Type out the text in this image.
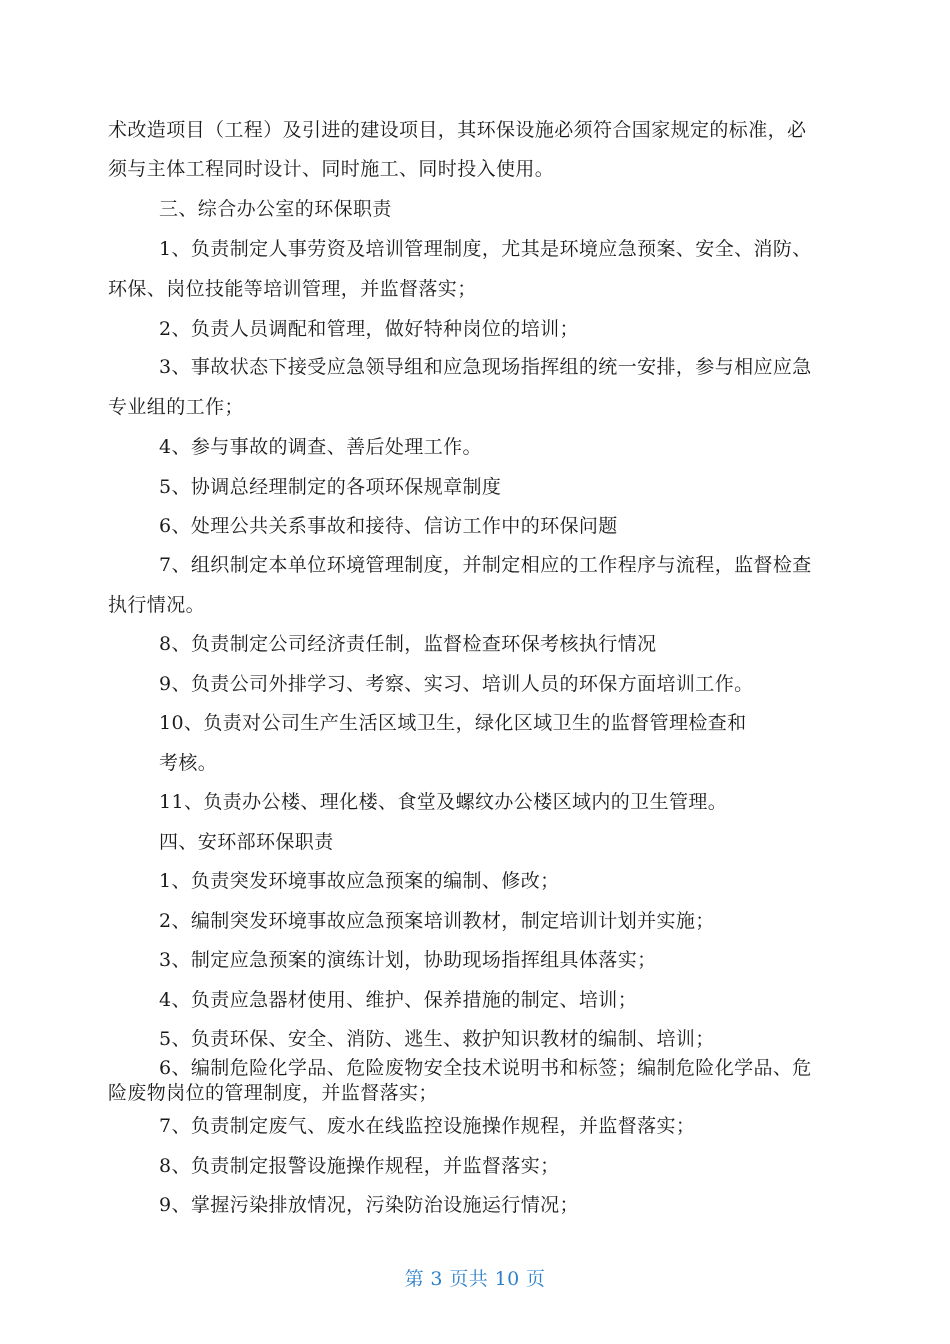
术改造项目（工程）及引进的建设项目，其环保设施必须符合国家规定的标准，必
须与主体工程同时设计、同时施工、同时投入使用。
三、综合办公室的环保职责
1、负责制定人事劳资及培训管理制度，尤其是环境应急预案、安全、消防、
环保、岗位技能等培训管理，并监督落实；
2、负责人员调配和管理，做好特种岗位的培训；
3、事故状态下接受应急领导组和应急现场指挥组的统一安排，参与相应应急
专业组的工作；
4、参与事故的调查、善后处理工作。
5、协调总经理制定的各项环保规章制度
6、处理公共关系事故和接待、信访工作中的环保问题
7、组织制定本单位环境管理制度，并制定相应的工作程序与流程，监督检查
执行情况。
8、负责制定公司经济责任制，监督检查环保考核执行情况
9、负责公司外排学习、考察、实习、培训人员的环保方面培训工作。
10、负责对公司生产生活区域卫生，绿化区域卫生的监督管理检查和
考核。
11、负责办公楼、理化楼、食堂及螺纹办公楼区域内的卫生管理。
四、安环部环保职责
1、负责突发环境事故应急预案的编制、修改；
2、编制突发环境事故应急预案培训教材，制定培训计划并实施；
3、制定应急预案的演练计划，协助现场指挥组具体落实；
4、负责应急器材使用、维护、保养措施的制定、培训；
5、负责环保、安全、消防、逃生、救护知识教材的编制、培训；
6、编制危险化学品、危险废物安全技术说明书和标签；编制危险化学品、危
险废物岗位的管理制度，并监督落实；
7、负责制定废气、废水在线监控设施操作规程，并监督落实；
8、负责制定报警设施操作规程，并监督落实；
9、掌握污染排放情况，污染防治设施运行情况；
第 3 页共 10 页
